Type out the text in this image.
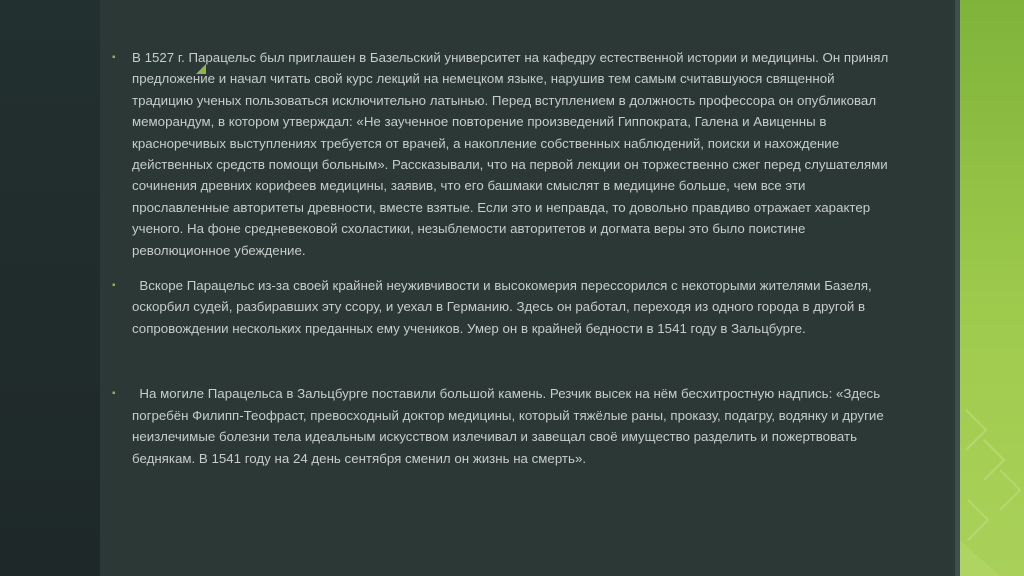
▪ В 1527 г. Парацельс был приглашен в Базельский университет на кафедру естественной истории и медицины. Он принял предложение и начал читать свой курс лекций на немецком языке, нарушив тем самым считавшуюся священной традицию ученых пользоваться исключительно латынью. Перед вступлением в должность профессора он опубликовал меморандум, в котором утверждал: «Не заученное повторение произведений Гиппократа, Галена и Авиценны в красноречивых выступлениях требуется от врачей, а накопление собственных наблюдений, поиски и нахождение действенных средств помощи больным». Рассказывали, что на первой лекции он торжественно сжег перед слушателями сочинения древних корифеев медицины, заявив, что его башмаки смыслят в медицине больше, чем все эти прославленные авторитеты древности, вместе взятые. Если это и неправда, то довольно правдиво отражает характер ученого. На фоне средневековой схоластики, незыблемости авторитетов и догмата веры это было поистине революционное убеждение.
▪ Вскоре Парацельс из-за своей крайней неуживчивости и высокомерия перессорился с некоторыми жителями Базеля, оскорбил судей, разбиравших эту ссору, и уехал в Германию. Здесь он работал, переходя из одного города в другой в сопровождении нескольких преданных ему учеников. Умер он в крайней бедности в 1541 году в Зальцбурге.
▪ На могиле Парацельса в Зальцбурге поставили большой камень. Резчик высек на нём бесхитростную надпись: «Здесь погребён Филипп-Теофраст, превосходный доктор медицины, который тяжёлые раны, проказу, подагру, водянку и другие неизлечимые болезни тела идеальным искусством излечивал и завещал своё имущество разделить и пожертвовать беднякам. В 1541 году на 24 день сентября сменил он жизнь на смерть».
